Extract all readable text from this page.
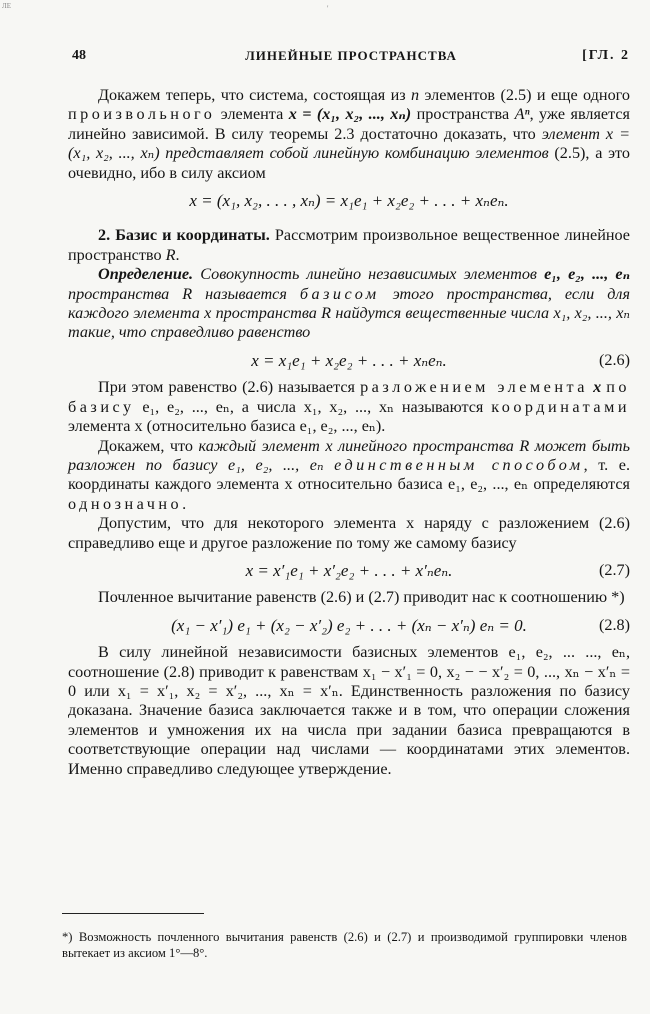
ЛЕ	'
48	ЛИНЕЙНЫЕ ПРОСТРАНСТВА	[ГЛ. 2

Докажем теперь, что система, состоящая из n элементов (2.5) и еще одного произвольного элемента x = (x₁, x₂, ..., xₙ) пространства Aⁿ, уже является линейно зависимой. В силу теоремы 2.3 достаточно доказать, что элемент x = (x₁, x₂, ..., xₙ) представляет собой линейную комбинацию элементов (2.5), а это очевидно, ибо в силу аксиом

x = (x₁, x₂, . . . , xₙ) = x₁e₁ + x₂e₂ + . . . + xₙeₙ.

2. Базис и координаты. Рассмотрим произвольное вещественное линейное пространство R.

Определение. Совокупность линейно независимых элементов e₁, e₂, ..., eₙ пространства R называется базисом этого пространства, если для каждого элемента x пространства R найдутся вещественные числа x₁, x₂, ..., xₙ такие, что справедливо равенство

x = x₁e₁ + x₂e₂ + . . . + xₙeₙ.	(2.6)

При этом равенство (2.6) называется разложением элемента x по базису e₁, e₂, ..., eₙ, а числа x₁, x₂, ..., xₙ называются координатами элемента x (относительно базиса e₁, e₂, ..., eₙ).

Докажем, что каждый элемент x линейного пространства R может быть разложен по базису e₁, e₂, ..., eₙ единственным способом, т. е. координаты каждого элемента x относительно базиса e₁, e₂, ..., eₙ определяются однозначно.

Допустим, что для некоторого элемента x наряду с разложением (2.6) справедливо еще и другое разложение по тому же самому базису

x = x′₁e₁ + x′₂e₂ + . . . + x′ₙeₙ.	(2.7)

Почленное вычитание равенств (2.6) и (2.7) приводит нас к соотношению *)

(x₁ − x′₁) e₁ + (x₂ − x′₂) e₂ + . . . + (xₙ − x′ₙ) eₙ = 0.	(2.8)

В силу линейной независимости базисных элементов e₁, e₂, ... ..., eₙ, соотношение (2.8) приводит к равенствам x₁ − x′₁ = 0, x₂ − − x′₂ = 0, ..., xₙ − x′ₙ = 0 или x₁ = x′₁, x₂ = x′₂, ..., xₙ = x′ₙ. Единственность разложения по базису доказана. Значение базиса заключается также и в том, что операции сложения элементов и умножения их на числа при задании базиса превращаются в соответствующие операции над числами — координатами этих элементов. Именно справедливо следующее утверждение.

*) Возможность почленного вычитания равенств (2.6) и (2.7) и производимой группировки членов вытекает из аксиом 1°—8°.
